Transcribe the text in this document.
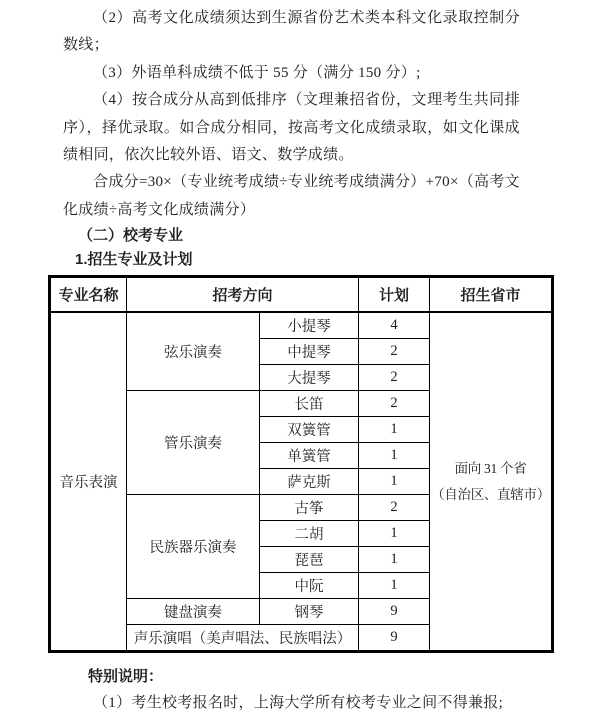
（2）高考文化成绩须达到生源省份艺术类本科文化录取控制分数线；

（3）外语单科成绩不低于 55 分（满分 150 分）;

（4）按合成分从高到低排序（文理兼招省份，文理考生共同排序），择优录取。如合成分相同，按高考文化成绩录取，如文化课成绩相同，依次比较外语、语文、数学成绩。

合成分=30×（专业统考成绩÷专业统考成绩满分）+70×（高考文化成绩÷高考文化成绩满分）

（二）校考专业
1.招生专业及计划
专业名称	招考方向		计划	招生省市
音乐表演	弦乐演奏	小提琴	4	面向 31 个省
（自治区、直辖市）

		中提琴	2	
		大提琴	2	
	管乐演奏	长笛	2	
		双簧管	1	
		单簧管	1	
		萨克斯	1	
	民族器乐演奏	古筝	2	
		二胡	1	
		琵琶	1	
		中阮	1	
	键盘演奏	钢琴	9	
	声乐演唱（美声唱法、民族唱法）		9	
特别说明：

（1）考生校考报名时，上海大学所有校考专业之间不得兼报;
